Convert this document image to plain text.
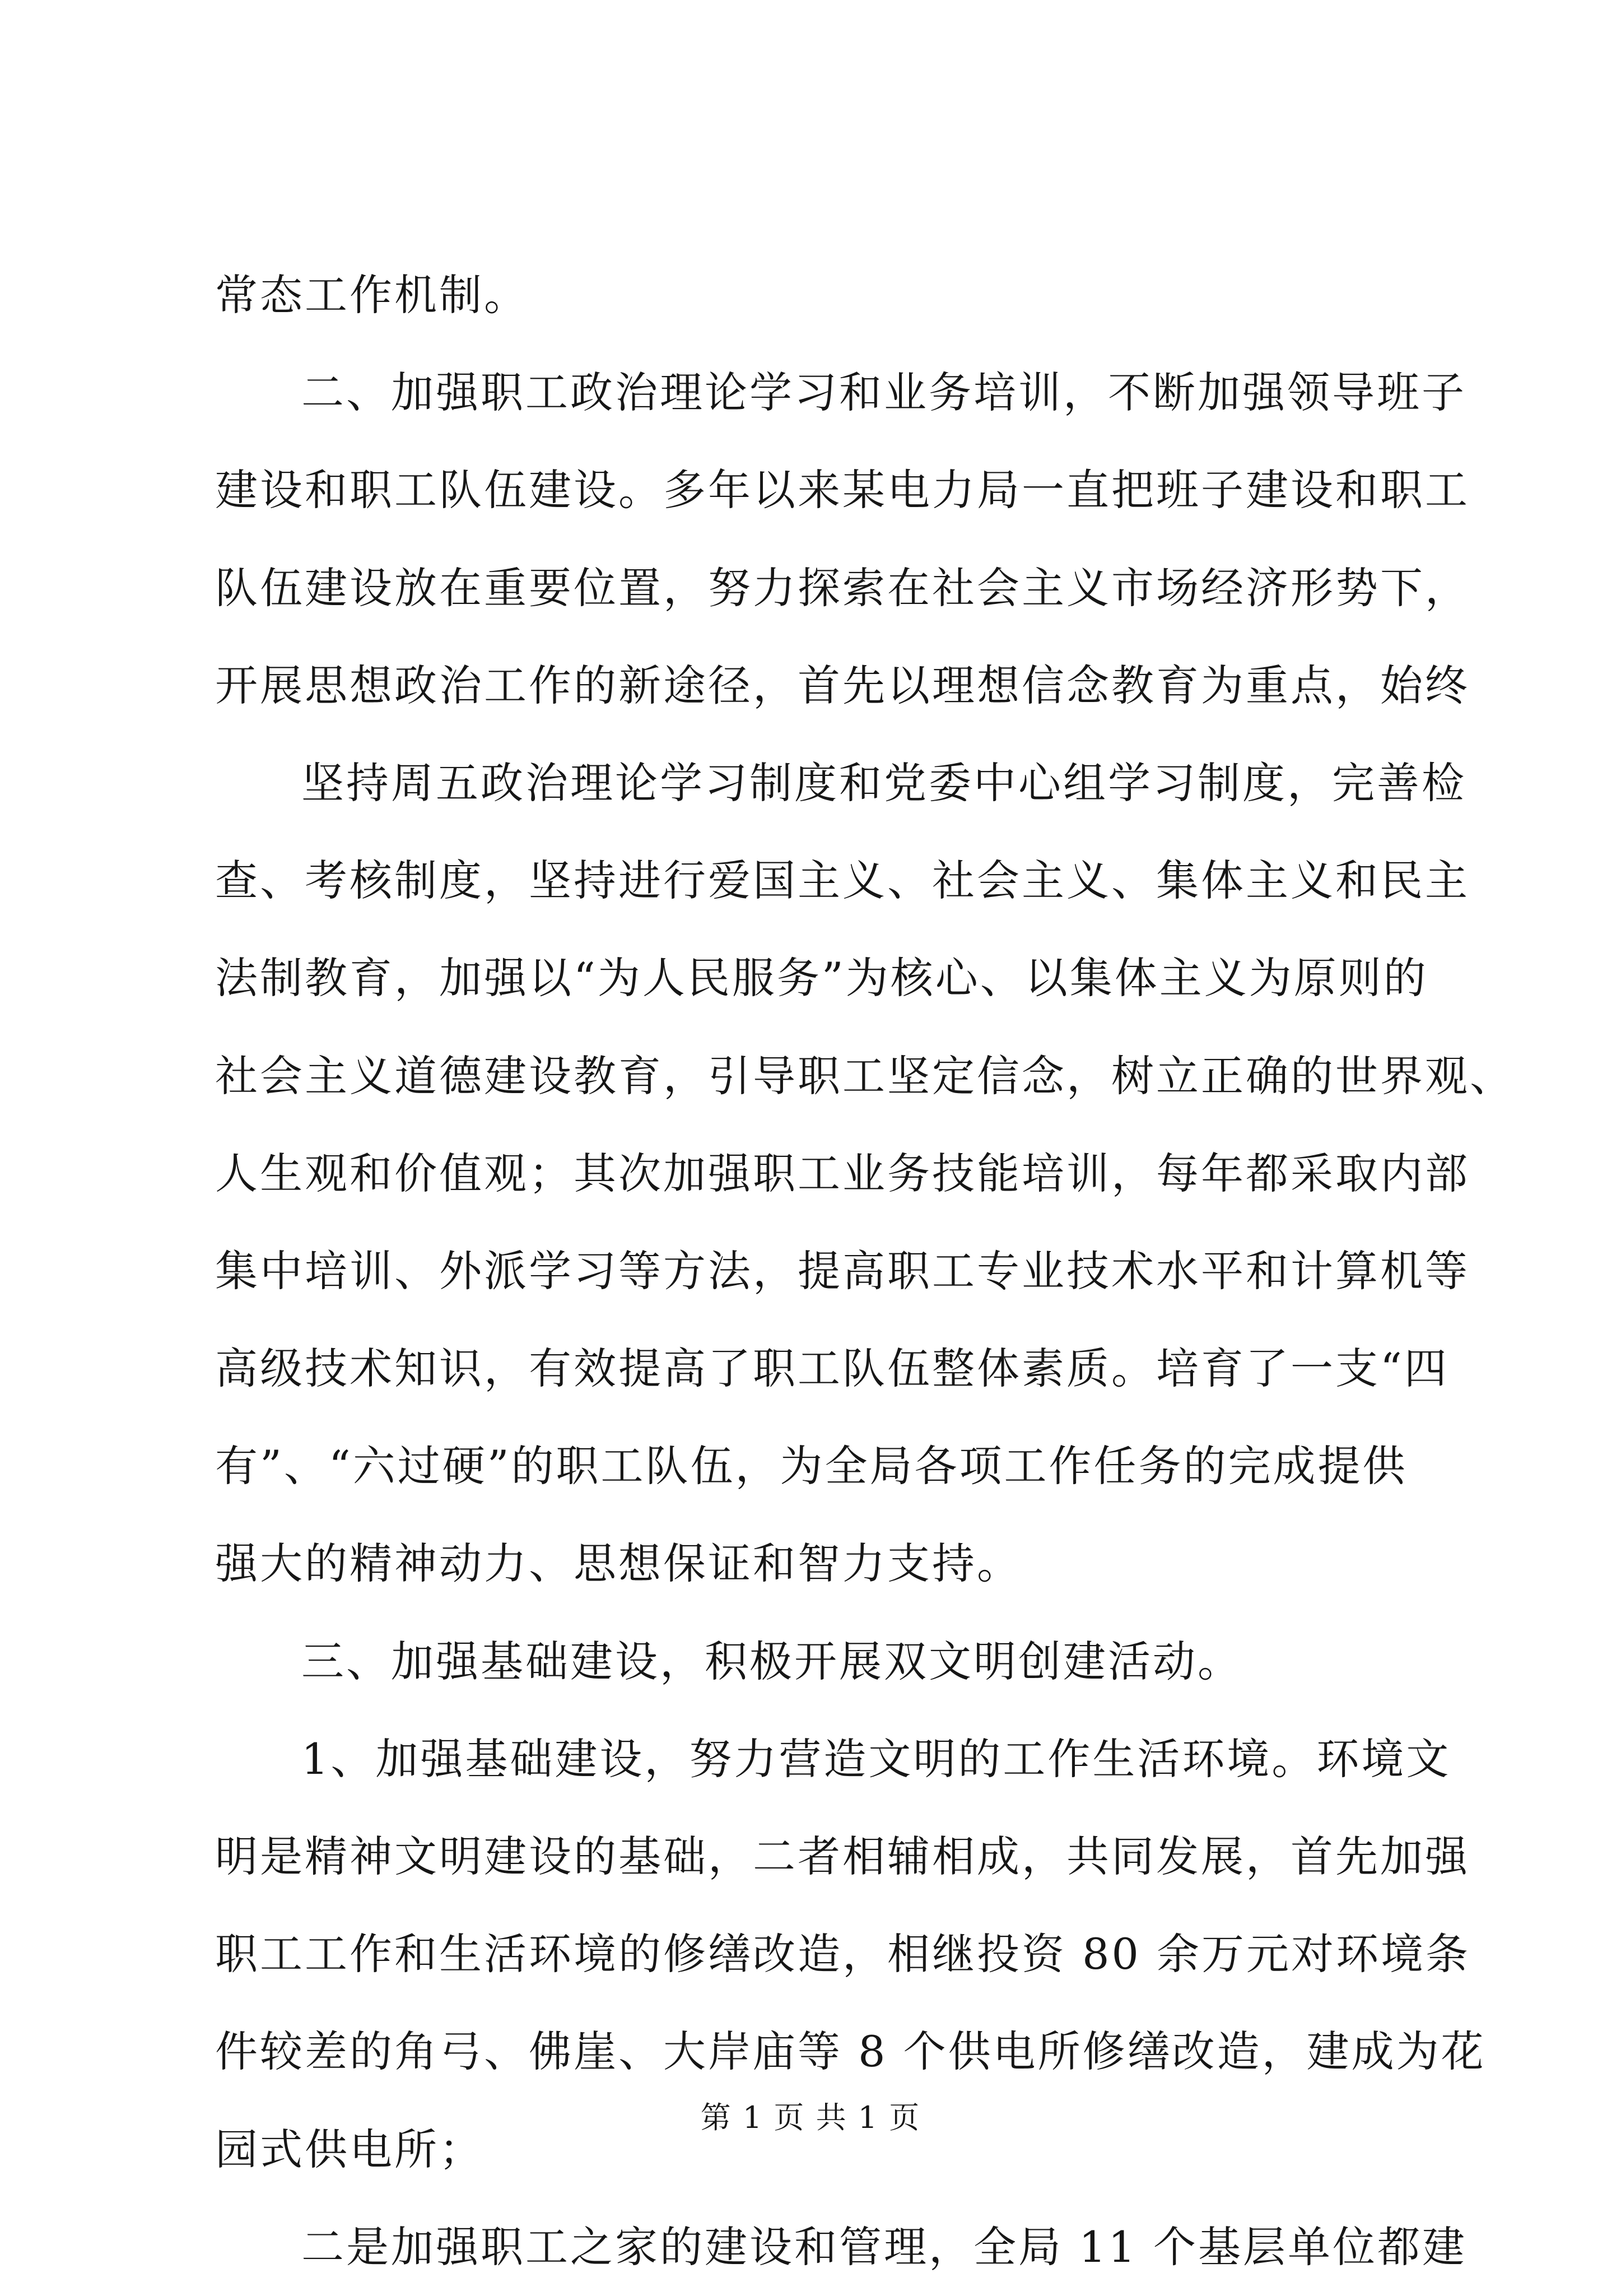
常态工作机制。
二、加强职工政治理论学习和业务培训，不断加强领导班子
建设和职工队伍建设。多年以来某电力局一直把班子建设和职工
队伍建设放在重要位置，努力探索在社会主义市场经济形势下，
开展思想政治工作的新途径，首先以理想信念教育为重点，始终
坚持周五政治理论学习制度和党委中心组学习制度，完善检
查、考核制度，坚持进行爱国主义、社会主义、集体主义和民主
法制教育，加强以“为人民服务”为核心、以集体主义为原则的
社会主义道德建设教育，引导职工坚定信念，树立正确的世界观、
人生观和价值观；其次加强职工业务技能培训，每年都采取内部
集中培训、外派学习等方法，提高职工专业技术水平和计算机等
高级技术知识，有效提高了职工队伍整体素质。培育了一支“四
有”、“六过硬”的职工队伍，为全局各项工作任务的完成提供
强大的精神动力、思想保证和智力支持。
三、加强基础建设，积极开展双文明创建活动。
1、加强基础建设，努力营造文明的工作生活环境。环境文
明是精神文明建设的基础，二者相辅相成，共同发展，首先加强
职工工作和生活环境的修缮改造，相继投资 80 余万元对环境条
件较差的角弓、佛崖、大岸庙等 8 个供电所修缮改造，建成为花
园式供电所；
二是加强职工之家的建设和管理，全局 11 个基层单位都建
第 1 页 共 1 页
